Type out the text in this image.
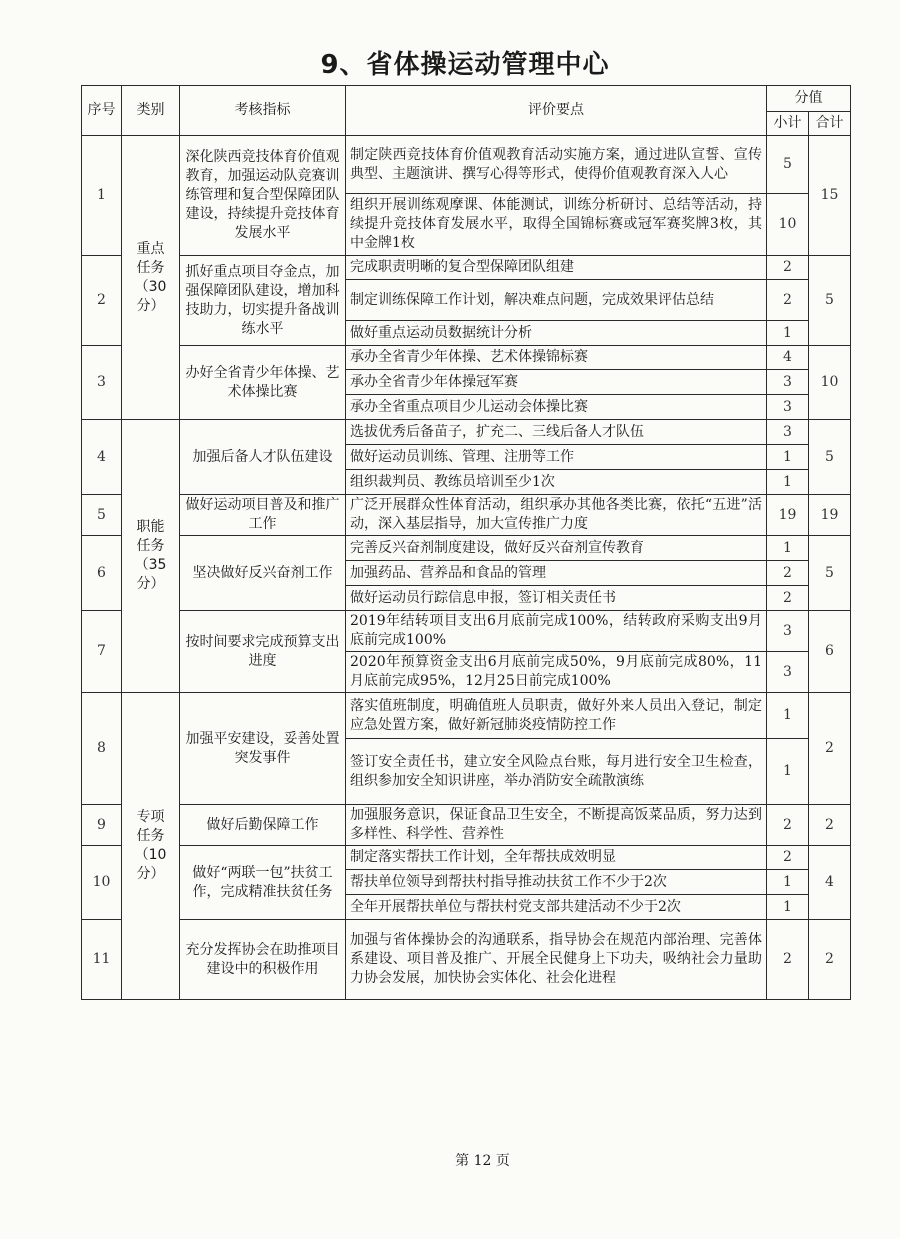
9、省体操运动管理中心
序号	类别	考核指标	评价要点	分值	
				小计	合计
1	重点
任务
（30
分）	深化陕西竞技体育价值观教育，加强运动队竞赛训练管理和复合型保障团队建设，持续提升竞技体育发展水平	制定陕西竞技体育价值观教育活动实施方案，通过进队宣誓、宣传典型、主题演讲、撰写心得等形式，使得价值观教育深入人心	5	15
			组织开展训练观摩课、体能测试，训练分析研讨、总结等活动，持续提升竞技体育发展水平，取得全国锦标赛或冠军赛奖牌3枚，其中金牌1枚	10	
2		抓好重点项目夺金点，加强保障团队建设，增加科技助力，切实提升备战训练水平	完成职责明晰的复合型保障团队组建	2	5
			制定训练保障工作计划，解决难点问题，完成效果评估总结	2	
			做好重点运动员数据统计分析	1	
3		办好全省青少年体操、艺术体操比赛	承办全省青少年体操、艺术体操锦标赛	4	10
			承办全省青少年体操冠军赛	3	
			承办全省重点项目少儿运动会体操比赛	3	
4	职能
任务
（35
分）	加强后备人才队伍建设	选拔优秀后备苗子，扩充二、三线后备人才队伍	3	5
			做好运动员训练、管理、注册等工作	1	
			组织裁判员、教练员培训至少1次	1	
5		做好运动项目普及和推广工作	广泛开展群众性体育活动，组织承办其他各类比赛，依托“五进”活动，深入基层指导，加大宣传推广力度	19	19
6		坚决做好反兴奋剂工作	完善反兴奋剂制度建设，做好反兴奋剂宣传教育	1	5
			加强药品、营养品和食品的管理	2	
			做好运动员行踪信息申报，签订相关责任书	2	
7		按时间要求完成预算支出进度	2019年结转项目支出6月底前完成100%，结转政府采购支出9月底前完成100%	3	6
			2020年预算资金支出6月底前完成50%，9月底前完成80%，11月底前完成95%，12月25日前完成100%	3	
8	专项
任务
（10
分）	加强平安建设，妥善处置突发事件	落实值班制度，明确值班人员职责，做好外来人员出入登记，制定应急处置方案，做好新冠肺炎疫情防控工作	1	2
			签订安全责任书，建立安全风险点台账，每月进行安全卫生检查，组织参加安全知识讲座，举办消防安全疏散演练	1	
9		做好后勤保障工作	加强服务意识，保证食品卫生安全，不断提高饭菜品质，努力达到多样性、科学性、营养性	2	2
10		做好“两联一包”扶贫工作，完成精准扶贫任务	制定落实帮扶工作计划，全年帮扶成效明显	2	4
			帮扶单位领导到帮扶村指导推动扶贫工作不少于2次	1	
			全年开展帮扶单位与帮扶村党支部共建活动不少于2次	1	
11		充分发挥协会在助推项目建设中的积极作用	加强与省体操协会的沟通联系，指导协会在规范内部治理、完善体系建设、项目普及推广、开展全民健身上下功夫，吸纳社会力量助力协会发展，加快协会实体化、社会化进程	2	2
第 12 页
